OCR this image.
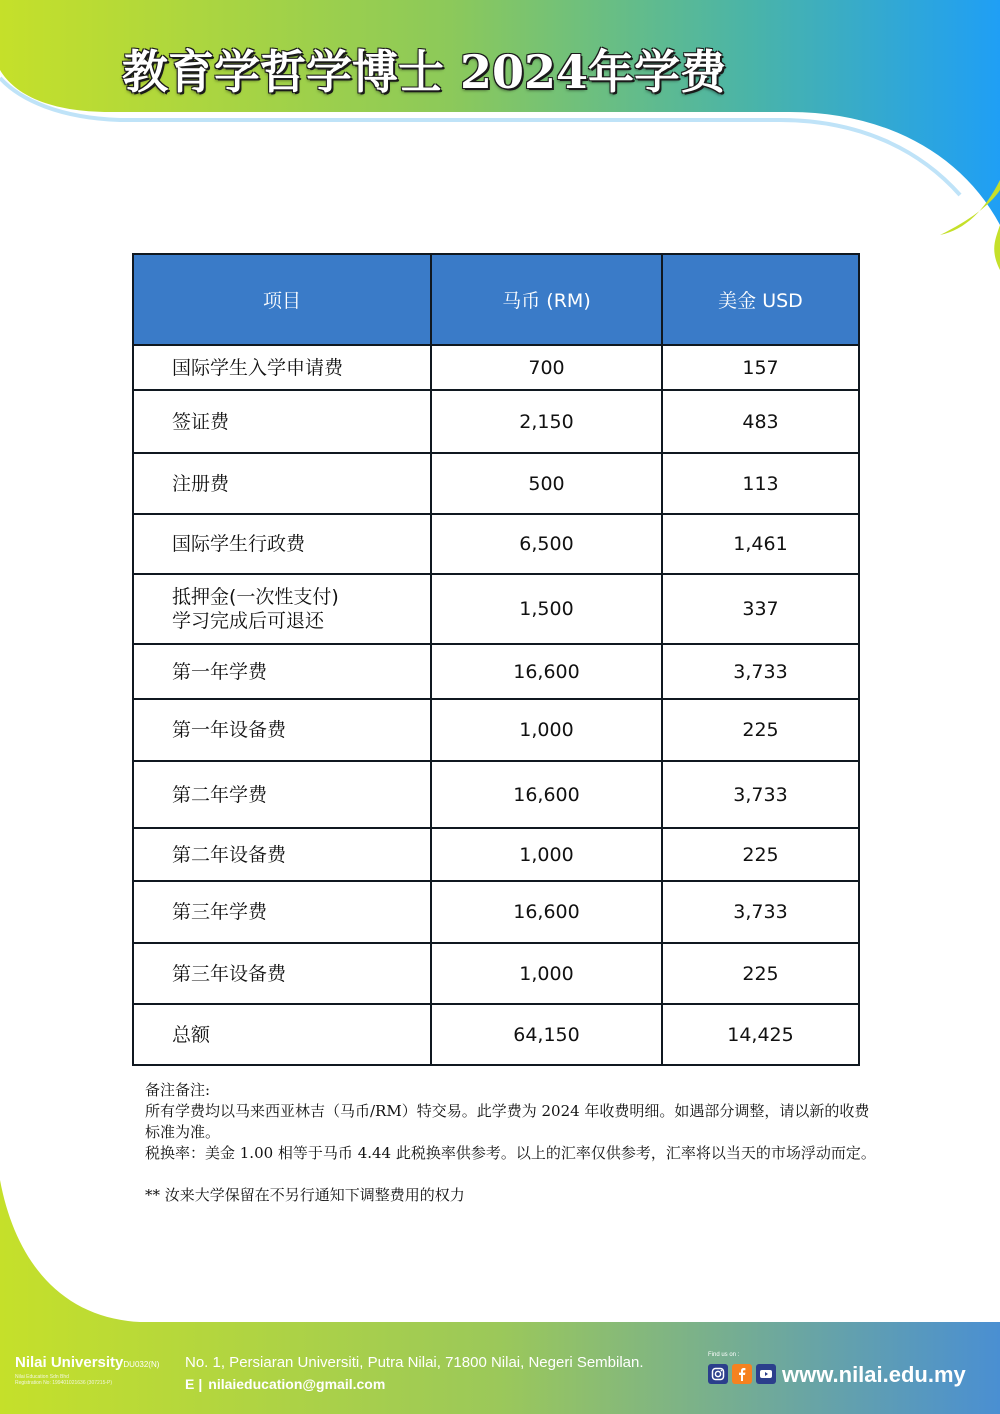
教育学哲学博士 2024年学费
项目	马币 (RM)	美金 USD
国际学生入学申请费	700	157
签证费	2,150	483
注册费	500	113
国际学生行政费	6,500	1,461
抵押金(一次性支付)
学习完成后可退还	1,500	337
第一年学费	16,600	3,733
第一年设备费	1,000	225
第二年学费	16,600	3,733
第二年设备费	1,000	225
第三年学费	16,600	3,733
第三年设备费	1,000	225
总额	64,150	14,425

备注备注:

所有学费均以马来西亚林吉（马币/RM）特交易。此学费为 2024 年收费明细。如遇部分调整，请以新的收费标准为准。

税换率：美金 1.00 相等于马币 4.44 此税换率供参考。以上的汇率仅供参考，汇率将以当天的市场浮动而定。

** 汝来大学保留在不另行通知下调整费用的权力

Nilai UniversityDU032(N)
Nilai Education Sdn Bhd
Registration No: 199401021636 (307215-P)
No. 1, Persiaran Universiti, Putra Nilai, 71800 Nilai, Negeri Sembilan.
E | nilaieducation@gmail.com
Find us on :
www.nilai.edu.my
